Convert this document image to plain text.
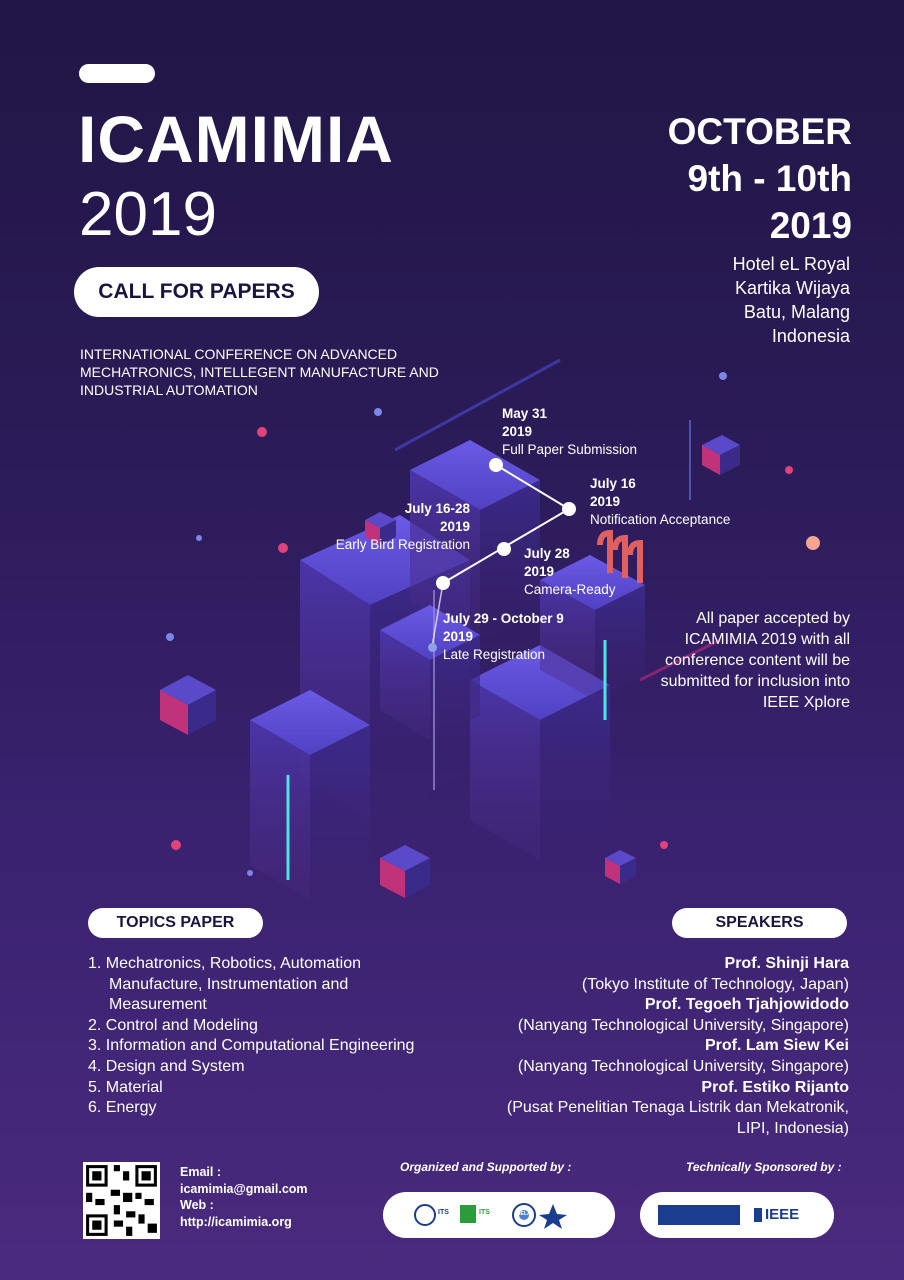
ICAMIMIA
2019
CALL FOR PAPERS
INTERNATIONAL CONFERENCE ON ADVANCED MECHATRONICS, INTELLEGENT MANUFACTURE AND INDUSTRIAL AUTOMATION
OCTOBER
9th - 10th
2019
Hotel eL Royal
Kartika Wijaya
Batu, Malang
Indonesia
May 31
2019
Full Paper Submission
July 16
2019
Notification Acceptance
July 16-28
2019
Early Bird Registration
July 28
2019
Camera-Ready
July 29 - October 9
2019
Late Registration
All paper accepted by ICAMIMIA 2019 with all conference content will be submitted for inclusion into IEEE Xplore
TOPICS PAPER
1. Mechatronics, Robotics, Automation Manufacture, Instrumentation and Measurement
2. Control and Modeling
3. Information and Computational Engineering
4. Design and System
5. Material
6. Energy
SPEAKERS
Prof. Shinji Hara
(Tokyo Institute of Technology, Japan)
Prof. Tegoeh Tjahjowidodo
(Nanyang Technological University, Singapore)
Prof. Lam Siew Kei
(Nanyang Technological University, Singapore)
Prof. Estiko Rijanto
(Pusat Penelitian Tenaga Listrik dan Mekatronik, LIPI, Indonesia)
Email :
icamimia@gmail.com
Web :
http://icamimia.org
Organized and Supported by :	Technically Sponsored by :
ITS	ITS	NELA	IEEE
